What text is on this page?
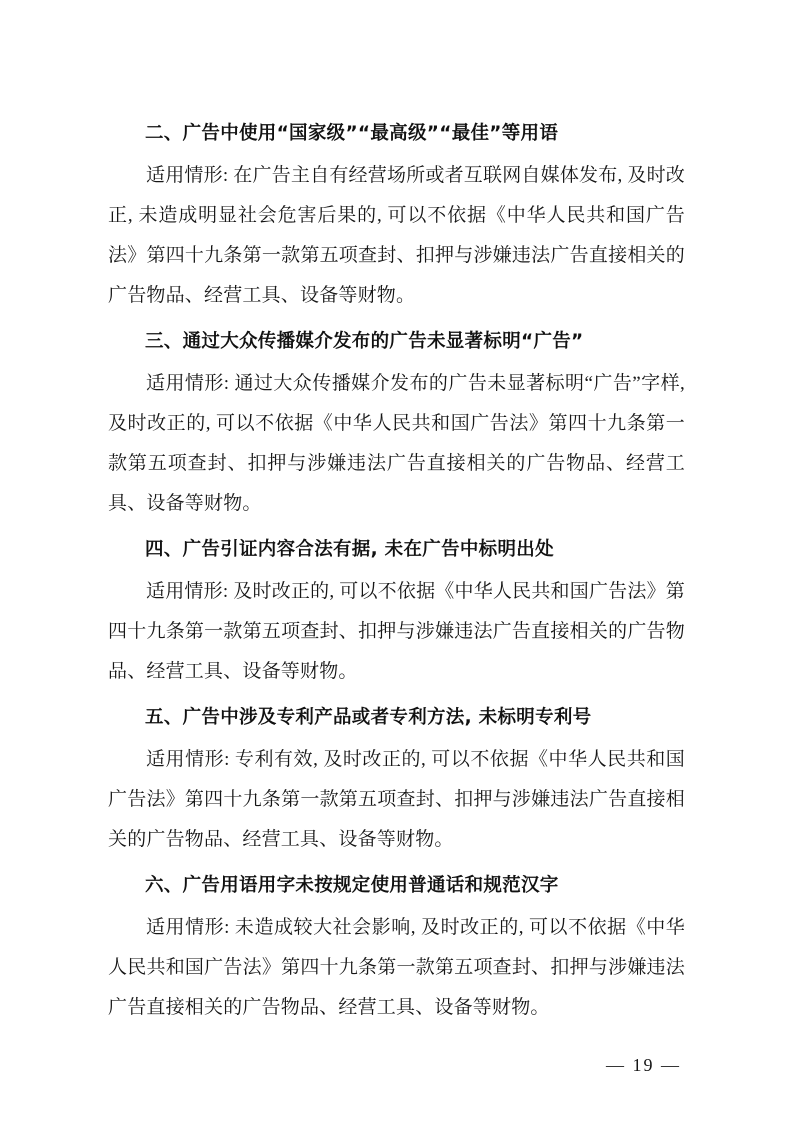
二、广告中使用“国家级”“最高级”“最佳”等用语

适用情形: 在广告主自有经营场所或者互联网自媒体发布, 及时改正, 未造成明显社会危害后果的, 可以不依据《中华人民共和国广告法》第四十九条第一款第五项查封、扣押与涉嫌违法广告直接相关的广告物品、经营工具、设备等财物。

三、通过大众传播媒介发布的广告未显著标明“广告”

适用情形: 通过大众传播媒介发布的广告未显著标明“广告”字样, 及时改正的, 可以不依据《中华人民共和国广告法》第四十九条第一款第五项查封、扣押与涉嫌违法广告直接相关的广告物品、经营工具、设备等财物。

四、广告引证内容合法有据, 未在广告中标明出处

适用情形: 及时改正的, 可以不依据《中华人民共和国广告法》第四十九条第一款第五项查封、扣押与涉嫌违法广告直接相关的广告物品、经营工具、设备等财物。

五、广告中涉及专利产品或者专利方法, 未标明专利号

适用情形: 专利有效, 及时改正的, 可以不依据《中华人民共和国广告法》第四十九条第一款第五项查封、扣押与涉嫌违法广告直接相关的广告物品、经营工具、设备等财物。

六、广告用语用字未按规定使用普通话和规范汉字

适用情形: 未造成较大社会影响, 及时改正的, 可以不依据《中华人民共和国广告法》第四十九条第一款第五项查封、扣押与涉嫌违法广告直接相关的广告物品、经营工具、设备等财物。

— 19 —
